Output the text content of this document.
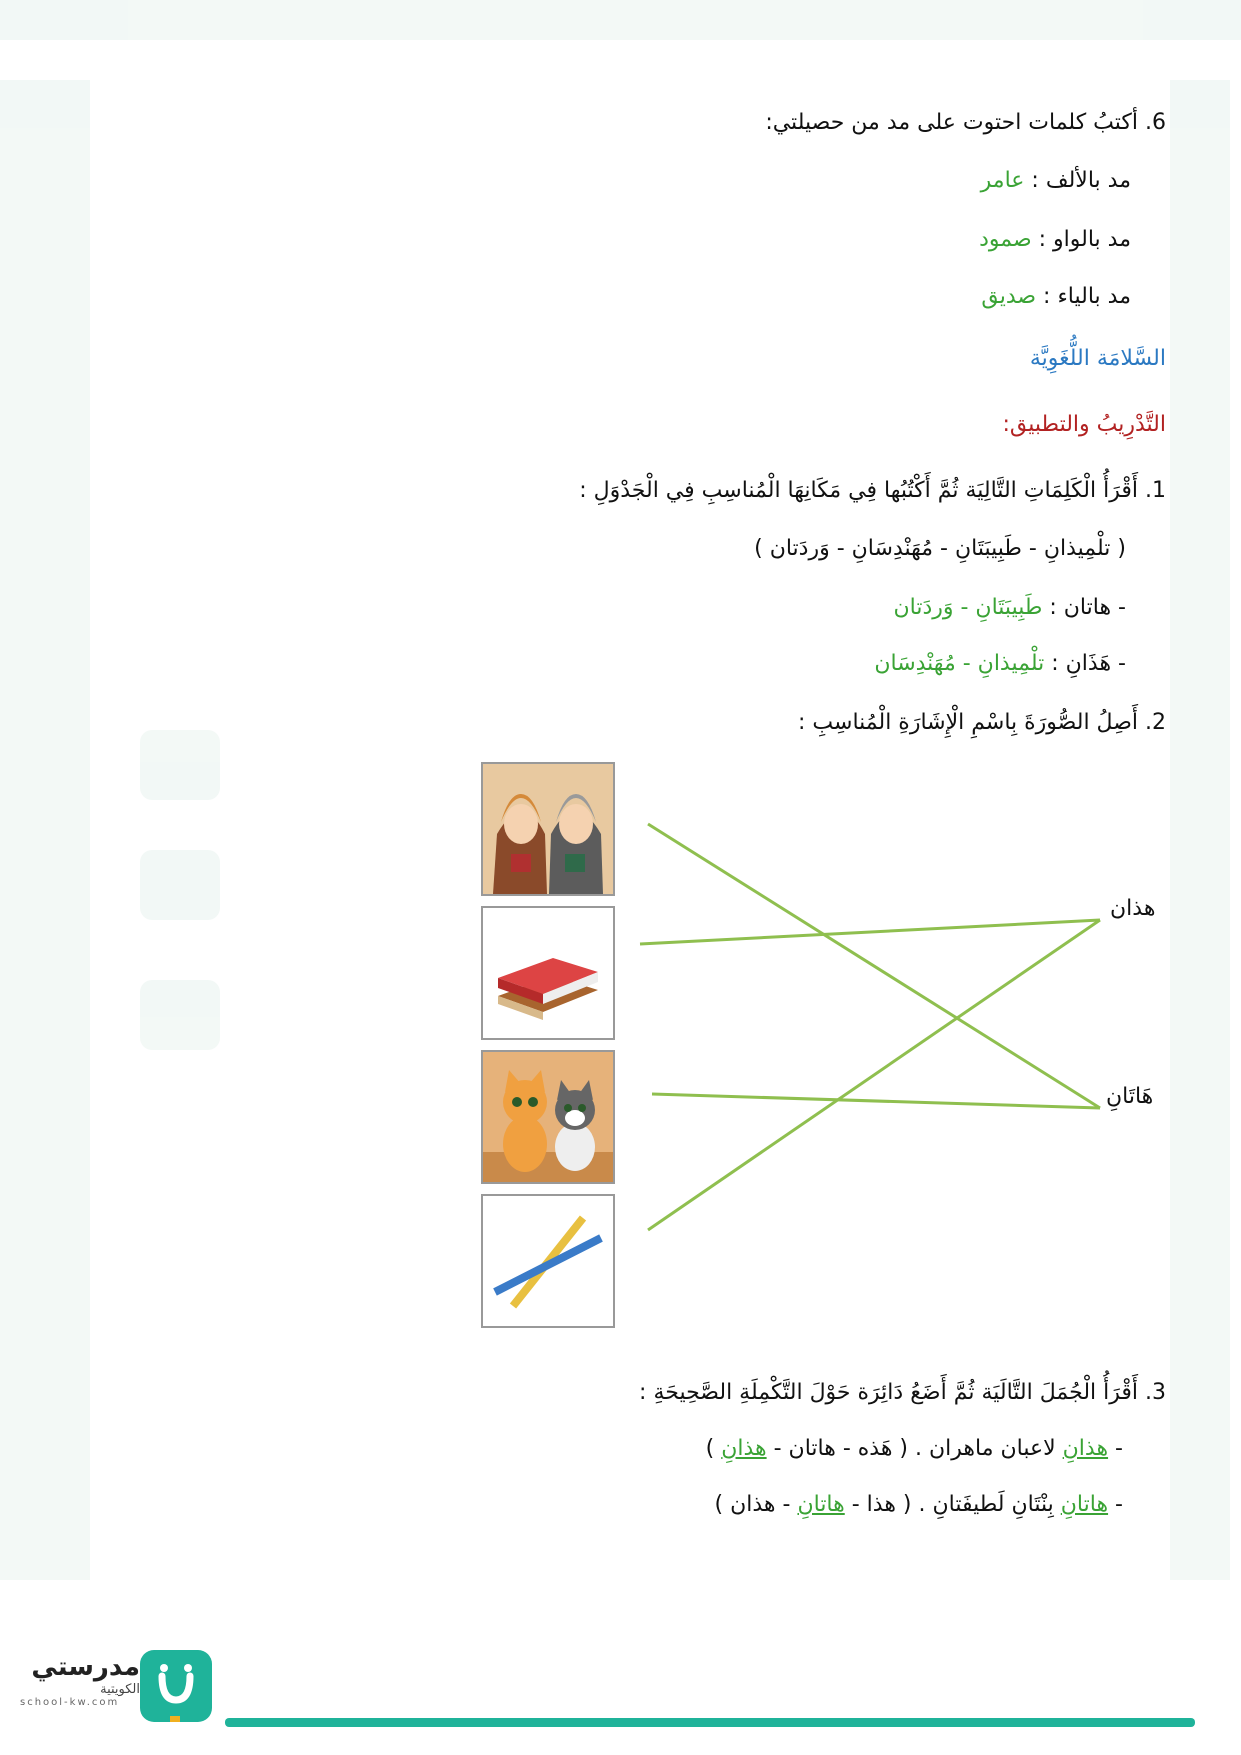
6. أكتبُ كلمات احتوت على مد من حصيلتي:
مد بالألف : عامر
مد بالواو : صمود
مد بالياء : صديق
السَّلامَة اللُّغَوِيَّة
التَّدْرِيبُ والتطبيق:
1. أَقْرَأُ الْكَلِمَاتِ التَّالِيَة ثُمَّ أَكْتُبُها فِي مَكَانِهَا الْمُناسِبِ فِي الْجَدْوَلِ :
( تلْمِيذانِ - طَبِيبَتَانِ - مُهَنْدِسَانِ - وَردَتان )
- هاتان : طَبِيبَتَانِ - وَردَتان
- هَذَانِ : تلْمِيذانِ - مُهَنْدِسَان
2. أَصِلُ الصُّورَةَ بِاسْمِ الْإِشَارَةِ الْمُناسِبِ :
هذان
هَاتَانِ
3. أَقْرَأُ الْجُمَلَ التَّالَيَة ثُمَّ أَضَعُ دَائِرَة حَوْلَ التَّكْمِلَةِ الصَّحِيحَةِ :
- هذانِ لاعبان ماهران . ( هَذه - هاتان - هذانِ )
- هاتانِ بِنْتَانِ لَطيفَتانِ . ( هذا - هاتانِ - هذان )
مدرستي
الكويتية
school-kw.com
